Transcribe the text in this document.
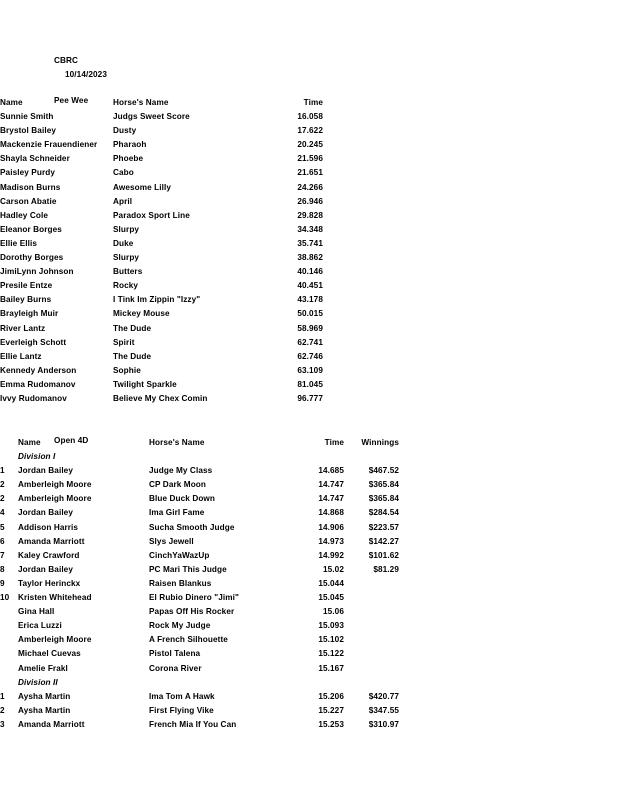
CBRC
10/14/2023
Pee Wee
Name	Horse's Name	Time
Sunnie Smith	Judgs Sweet Score	16.058
Brystol Bailey	Dusty	17.622
Mackenzie Frauendiener	Pharaoh	20.245
Shayla Schneider	Phoebe	21.596
Paisley Purdy	Cabo	21.651
Madison Burns	Awesome Lilly	24.266
Carson Abatie	April	26.946
Hadley Cole	Paradox Sport Line	29.828
Eleanor Borges	Slurpy	34.348
Ellie Ellis	Duke	35.741
Dorothy Borges	Slurpy	38.862
JimiLynn Johnson	Butters	40.146
Presile Entze	Rocky	40.451
Bailey Burns	I Tink Im Zippin "Izzy"	43.178
Brayleigh Muir	Mickey Mouse	50.015
River Lantz	The Dude	58.969
Everleigh Schott	Spirit	62.741
Ellie Lantz	The Dude	62.746
Kennedy Anderson	Sophie	63.109
Emma Rudomanov	Twilight Sparkle	81.045
Ivvy Rudomanov	Believe My Chex Comin	96.777
Open 4D
	Name	Horse's Name	Time	Winnings
	Division I			
1	Jordan Bailey	Judge My Class	14.685	$467.52
2	Amberleigh Moore	CP Dark Moon	14.747	$365.84
2	Amberleigh Moore	Blue Duck Down	14.747	$365.84
4	Jordan Bailey	Ima Girl Fame	14.868	$284.54
5	Addison Harris	Sucha Smooth Judge	14.906	$223.57
6	Amanda Marriott	Slys Jewell	14.973	$142.27
7	Kaley Crawford	CinchYaWazUp	14.992	$101.62
8	Jordan Bailey	PC Mari This Judge	15.02	$81.29
9	Taylor Herinckx	Raisen Blankus	15.044	
10	Kristen Whitehead	El Rubio Dinero "Jimi"	15.045	
	Gina Hall	Papas Off His Rocker	15.06	
	Erica Luzzi	Rock My Judge	15.093	
	Amberleigh Moore	A French Silhouette	15.102	
	Michael Cuevas	Pistol Talena	15.122	
	Amelie Frakl	Corona River	15.167	
	Division II			
1	Aysha Martin	Ima Tom A Hawk	15.206	$420.77
2	Aysha Martin	First Flying Vike	15.227	$347.55
3	Amanda Marriott	French Mia If You Can	15.253	$310.97
